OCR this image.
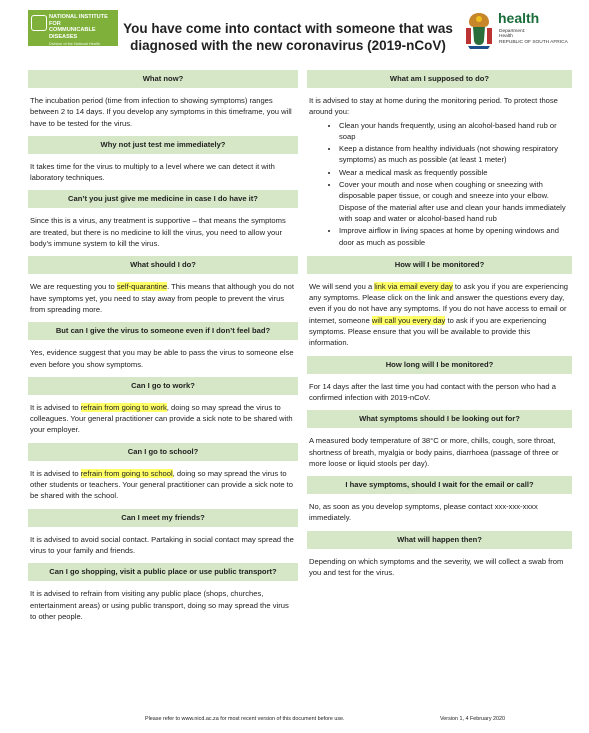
NATIONAL INSTITUTE FOR
COMMUNICABLE DISEASES
Division of the National Health Laboratory Service
You have come into contact with someone that was
diagnosed with the new coronavirus (2019-nCoV)
health
Department:
Health
REPUBLIC OF SOUTH AFRICA
What now?
The incubation period (time from infection to showing symptoms) ranges between 2 to 14 days. If you develop any symptoms in this timeframe, you will have to be tested for the virus.
Why not just test me immediately?
It takes time for the virus to multiply to a level where we can detect it with laboratory techniques.
Can’t you just give me medicine in case I do have it?
Since this is a virus, any treatment is supportive – that means the symptoms are treated, but there is no medicine to kill the virus, you need to allow your body’s immune system to kill the virus.
What should I do?
We are requesting you to self-quarantine. This means that although you do not have symptoms yet, you need to stay away from people to prevent the virus from spreading more.
But can I give the virus to someone even if I don’t feel bad?
Yes, evidence suggest that you may be able to pass the virus to someone else even before you show symptoms.
Can I go to work?
It is advised to refrain from going to work, doing so may spread the virus to colleagues. Your general practitioner can provide a sick note to be shared with your employer.
Can I go to school?
It is advised to refrain from going to school, doing so may spread the virus to other students or teachers. Your general practitioner can provide a sick note to be shared with the school.
Can I meet my friends?
It is advised to avoid social contact. Partaking in social contact may spread the virus to your family and friends.
Can I go shopping, visit a public place or use public transport?
It is advised to refrain from visiting any public place (shops, churches, entertainment areas) or using public transport, doing so may spread the virus to other people.
What am I supposed to do?
It is advised to stay at home during the monitoring period. To protect those around you:
• Clean your hands frequently, using an alcohol-based hand rub or soap
• Keep a distance from healthy individuals (not showing respiratory symptoms) as much as possible (at least 1 meter)
• Wear a medical mask as frequently possible
• Cover your mouth and nose when coughing or sneezing with disposable paper tissue, or cough and sneeze into your elbow. Dispose of the material after use and clean your hands immediately with soap and water or alcohol-based hand rub
• Improve airflow in living spaces at home by opening windows and door as much as possible
How will I be monitored?
We will send you a link via email every day to ask you if you are experiencing any symptoms. Please click on the link and answer the questions every day, even if you do not have any symptoms. If you do not have access to email or internet, someone will call you every day to ask if you are experiencing symptoms. Please ensure that you will be available to provide this information.
How long will I be monitored?
For 14 days after the last time you had contact with the person who had a confirmed infection with 2019-nCoV.
What symptoms should I be looking out for?
A measured body temperature of 38°C or more, chills, cough, sore throat, shortness of breath, myalgia or body pains, diarrhoea (passage of three or more loose or liquid stools per day).
I have symptoms, should I wait for the email or call?
No, as soon as you develop symptoms, please contact xxx-xxx-xxxx immediately.
What will happen then?
Depending on which symptoms and the severity, we will collect a swab from you and test for the virus.
Please refer to www.nicd.ac.za for most recent version of this document before use.	Version 1, 4 February 2020
